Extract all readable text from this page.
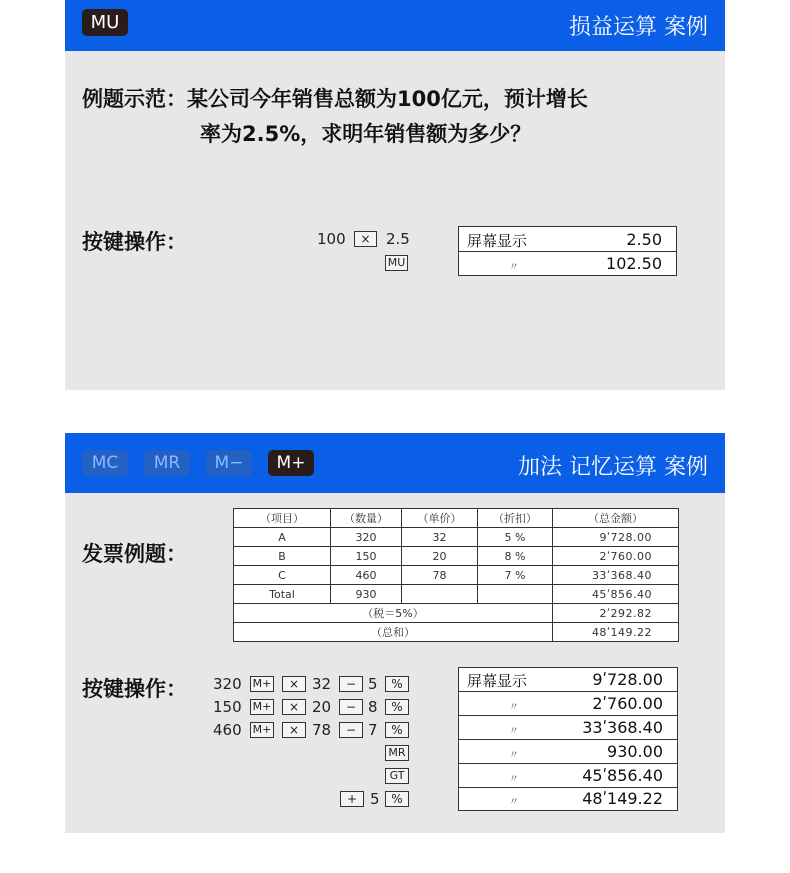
MU	损益运算 案例
例题示范：某公司今年销售总额为100亿元，预计增长
率为2.5%，求明年销售额为多少？
按键操作：	100	×	2.5
MU
屏幕显示	2.50
〃	102.50
MC	MR	M−	M+	加法 记忆运算 案例
发票例题：
（项目）	（数量）	（单价）	（折扣）	（总金额）
A	320	32	5 %	9ʹ728.00
B	150	20	8 %	2ʹ760.00
C	460	78	7 %	33ʹ368.40
Total	930			45ʹ856.40
（税＝5%）				2ʹ292.82
（总和）				48ʹ149.22
按键操作： 320 M+	× 32	− 5	%
150 M+	× 20	− 8	%
460 M+	× 78	− 7	%
MR
GT
+ 5 %
屏幕显示	9ʹ728.00
〃	2ʹ760.00
〃	33ʹ368.40
〃	930.00
〃	45ʹ856.40
〃	48ʹ149.22
